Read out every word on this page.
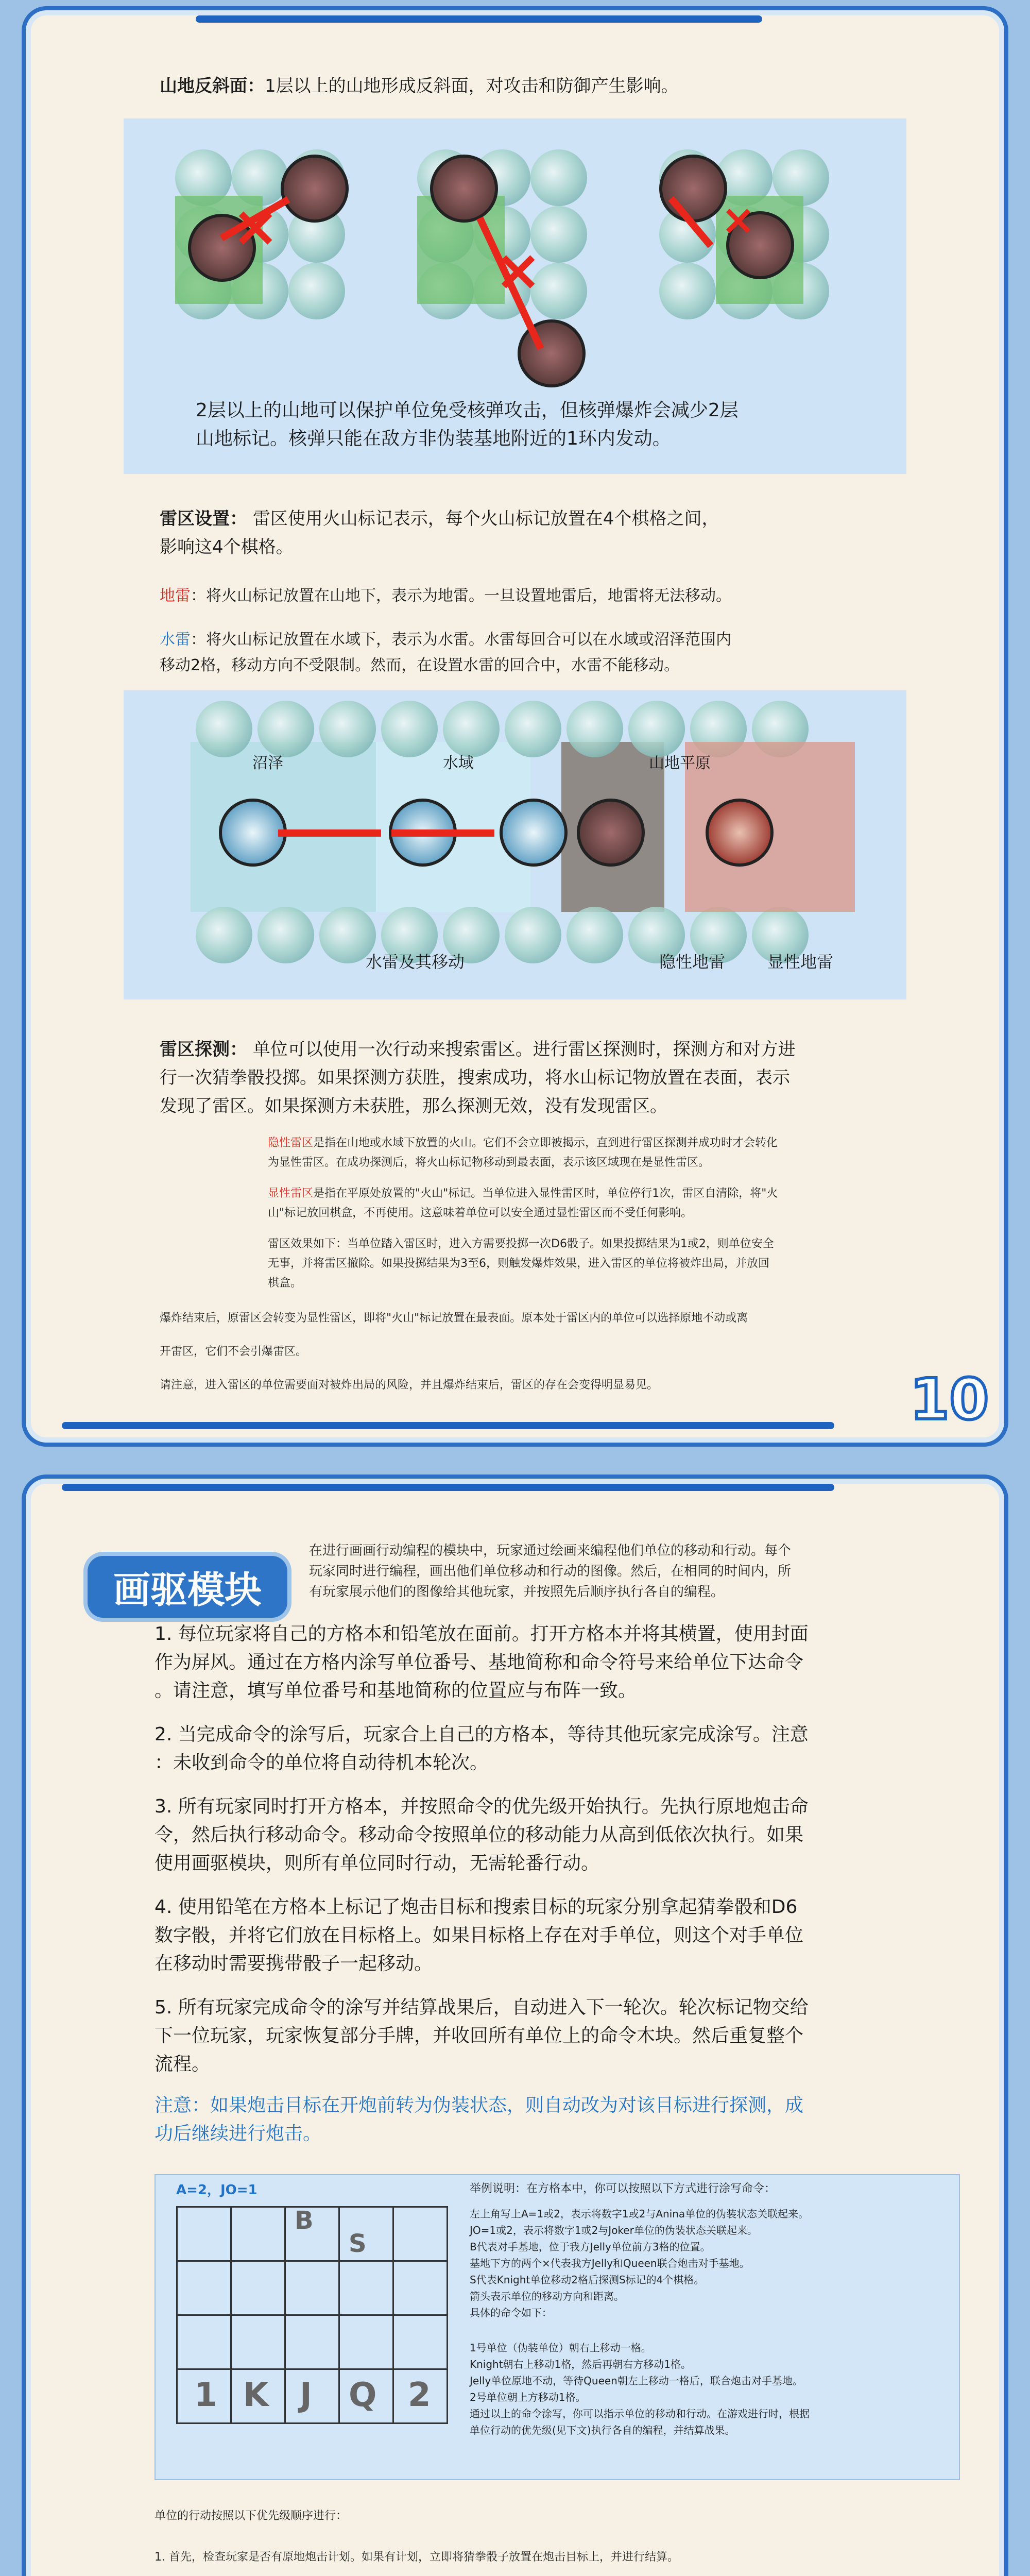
山地反斜面：1层以上的山地形成反斜面，对攻击和防御产生影响。
×
×
×
2层以上的山地可以保护单位免受核弹攻击，但核弹爆炸会减少2层
山地标记。核弹只能在敌方非伪装基地附近的1环内发动。
雷区设置： 雷区使用火山标记表示，每个火山标记放置在4个棋格之间，
影响这4个棋格。
地雷：将火山标记放置在山地下，表示为地雷。一旦设置地雷后，地雷将无法移动。
水雷：将火山标记放置在水域下，表示为水雷。水雷每回合可以在水域或沼泽范围内
移动2格，移动方向不受限制。然而，在设置水雷的回合中，水雷不能移动。
沼泽	水域	山地平原
水雷及其移动	隐性地雷	显性地雷
雷区探测： 单位可以使用一次行动来搜索雷区。进行雷区探测时，探测方和对方进
行一次猜拳骰投掷。如果探测方获胜，搜索成功，将水山标记物放置在表面，表示
发现了雷区。如果探测方未获胜，那么探测无效，没有发现雷区。
隐性雷区是指在山地或水域下放置的火山。它们不会立即被揭示，直到进行雷区探测并成功时才会转化
为显性雷区。在成功探测后，将火山标记物移动到最表面，表示该区域现在是显性雷区。
显性雷区是指在平原处放置的"火山"标记。当单位进入显性雷区时，单位停行1次，雷区自清除，将"火
山"标记放回棋盒，不再使用。这意味着单位可以安全通过显性雷区而不受任何影响。
雷区效果如下：当单位踏入雷区时，进入方需要投掷一次D6骰子。如果投掷结果为1或2，则单位安全
无事，并将雷区撤除。如果投掷结果为3至6，则触发爆炸效果，进入雷区的单位将被炸出局，并放回
棋盒。
爆炸结束后，原雷区会转变为显性雷区，即将"火山"标记放置在最表面。原本处于雷区内的单位可以选择原地不动或离
开雷区，它们不会引爆雷区。
请注意，进入雷区的单位需要面对被炸出局的风险，并且爆炸结束后，雷区的存在会变得明显易见。	10
画驱模块
在进行画画行动编程的模块中，玩家通过绘画来编程他们单位的移动和行动。每个
玩家同时进行编程，画出他们单位移动和行动的图像。然后，在相同的时间内，所
有玩家展示他们的图像给其他玩家，并按照先后顺序执行各自的编程。
1. 每位玩家将自己的方格本和铅笔放在面前。打开方格本并将其横置，使用封面
作为屏风。通过在方格内涂写单位番号、基地简称和命令符号来给单位下达命令
。请注意，填写单位番号和基地简称的位置应与布阵一致。
2. 当完成命令的涂写后，玩家合上自己的方格本，等待其他玩家完成涂写。注意
：未收到命令的单位将自动待机本轮次。
3. 所有玩家同时打开方格本，并按照命令的优先级开始执行。先执行原地炮击命
令，然后执行移动命令。移动命令按照单位的移动能力从高到低依次执行。如果
使用画驱模块，则所有单位同时行动，无需轮番行动。
4. 使用铅笔在方格本上标记了炮击目标和搜索目标的玩家分别拿起猜拳骰和D6
数字骰，并将它们放在目标格上。如果目标格上存在对手单位，则这个对手单位
在移动时需要携带骰子一起移动。
5. 所有玩家完成命令的涂写并结算战果后，自动进入下一轮次。轮次标记物交给
下一位玩家，玩家恢复部分手牌，并收回所有单位上的命令木块。然后重复整个
流程。
注意：如果炮击目标在开炮前转为伪装状态，则自动改为对该目标进行探测，成
功后继续进行炮击。
A=2，JO=1
B
S
1 K J Q 2
举例说明：在方格本中，你可以按照以下方式进行涂写命令：
左上角写上A=1或2，表示将数字1或2与Anina单位的伪装状态关联起来。
JO=1或2，表示将数字1或2与Joker单位的伪装状态关联起来。
B代表对手基地，位于我方Jelly单位前方3格的位置。
基地下方的两个×代表我方Jelly和Queen联合炮击对手基地。
S代表Knight单位移动2格后探测S标记的4个棋格。
箭头表示单位的移动方向和距离。
具体的命令如下：
1号单位（伪装单位）朝右上移动一格。
Knight朝右上移动1格，然后再朝右方移动1格。
Jelly单位原地不动，等待Queen朝左上移动一格后，联合炮击对手基地。
2号单位朝上方移动1格。
通过以上的命令涂写，你可以指示单位的移动和行动。在游戏进行时，根据
单位行动的优先级(见下文)执行各自的编程，并结算战果。
单位的行动按照以下优先级顺序进行：
1. 首先，检查玩家是否有原地炮击计划。如果有计划，立即将猜拳骰子放置在炮击目标上，并进行结算。
